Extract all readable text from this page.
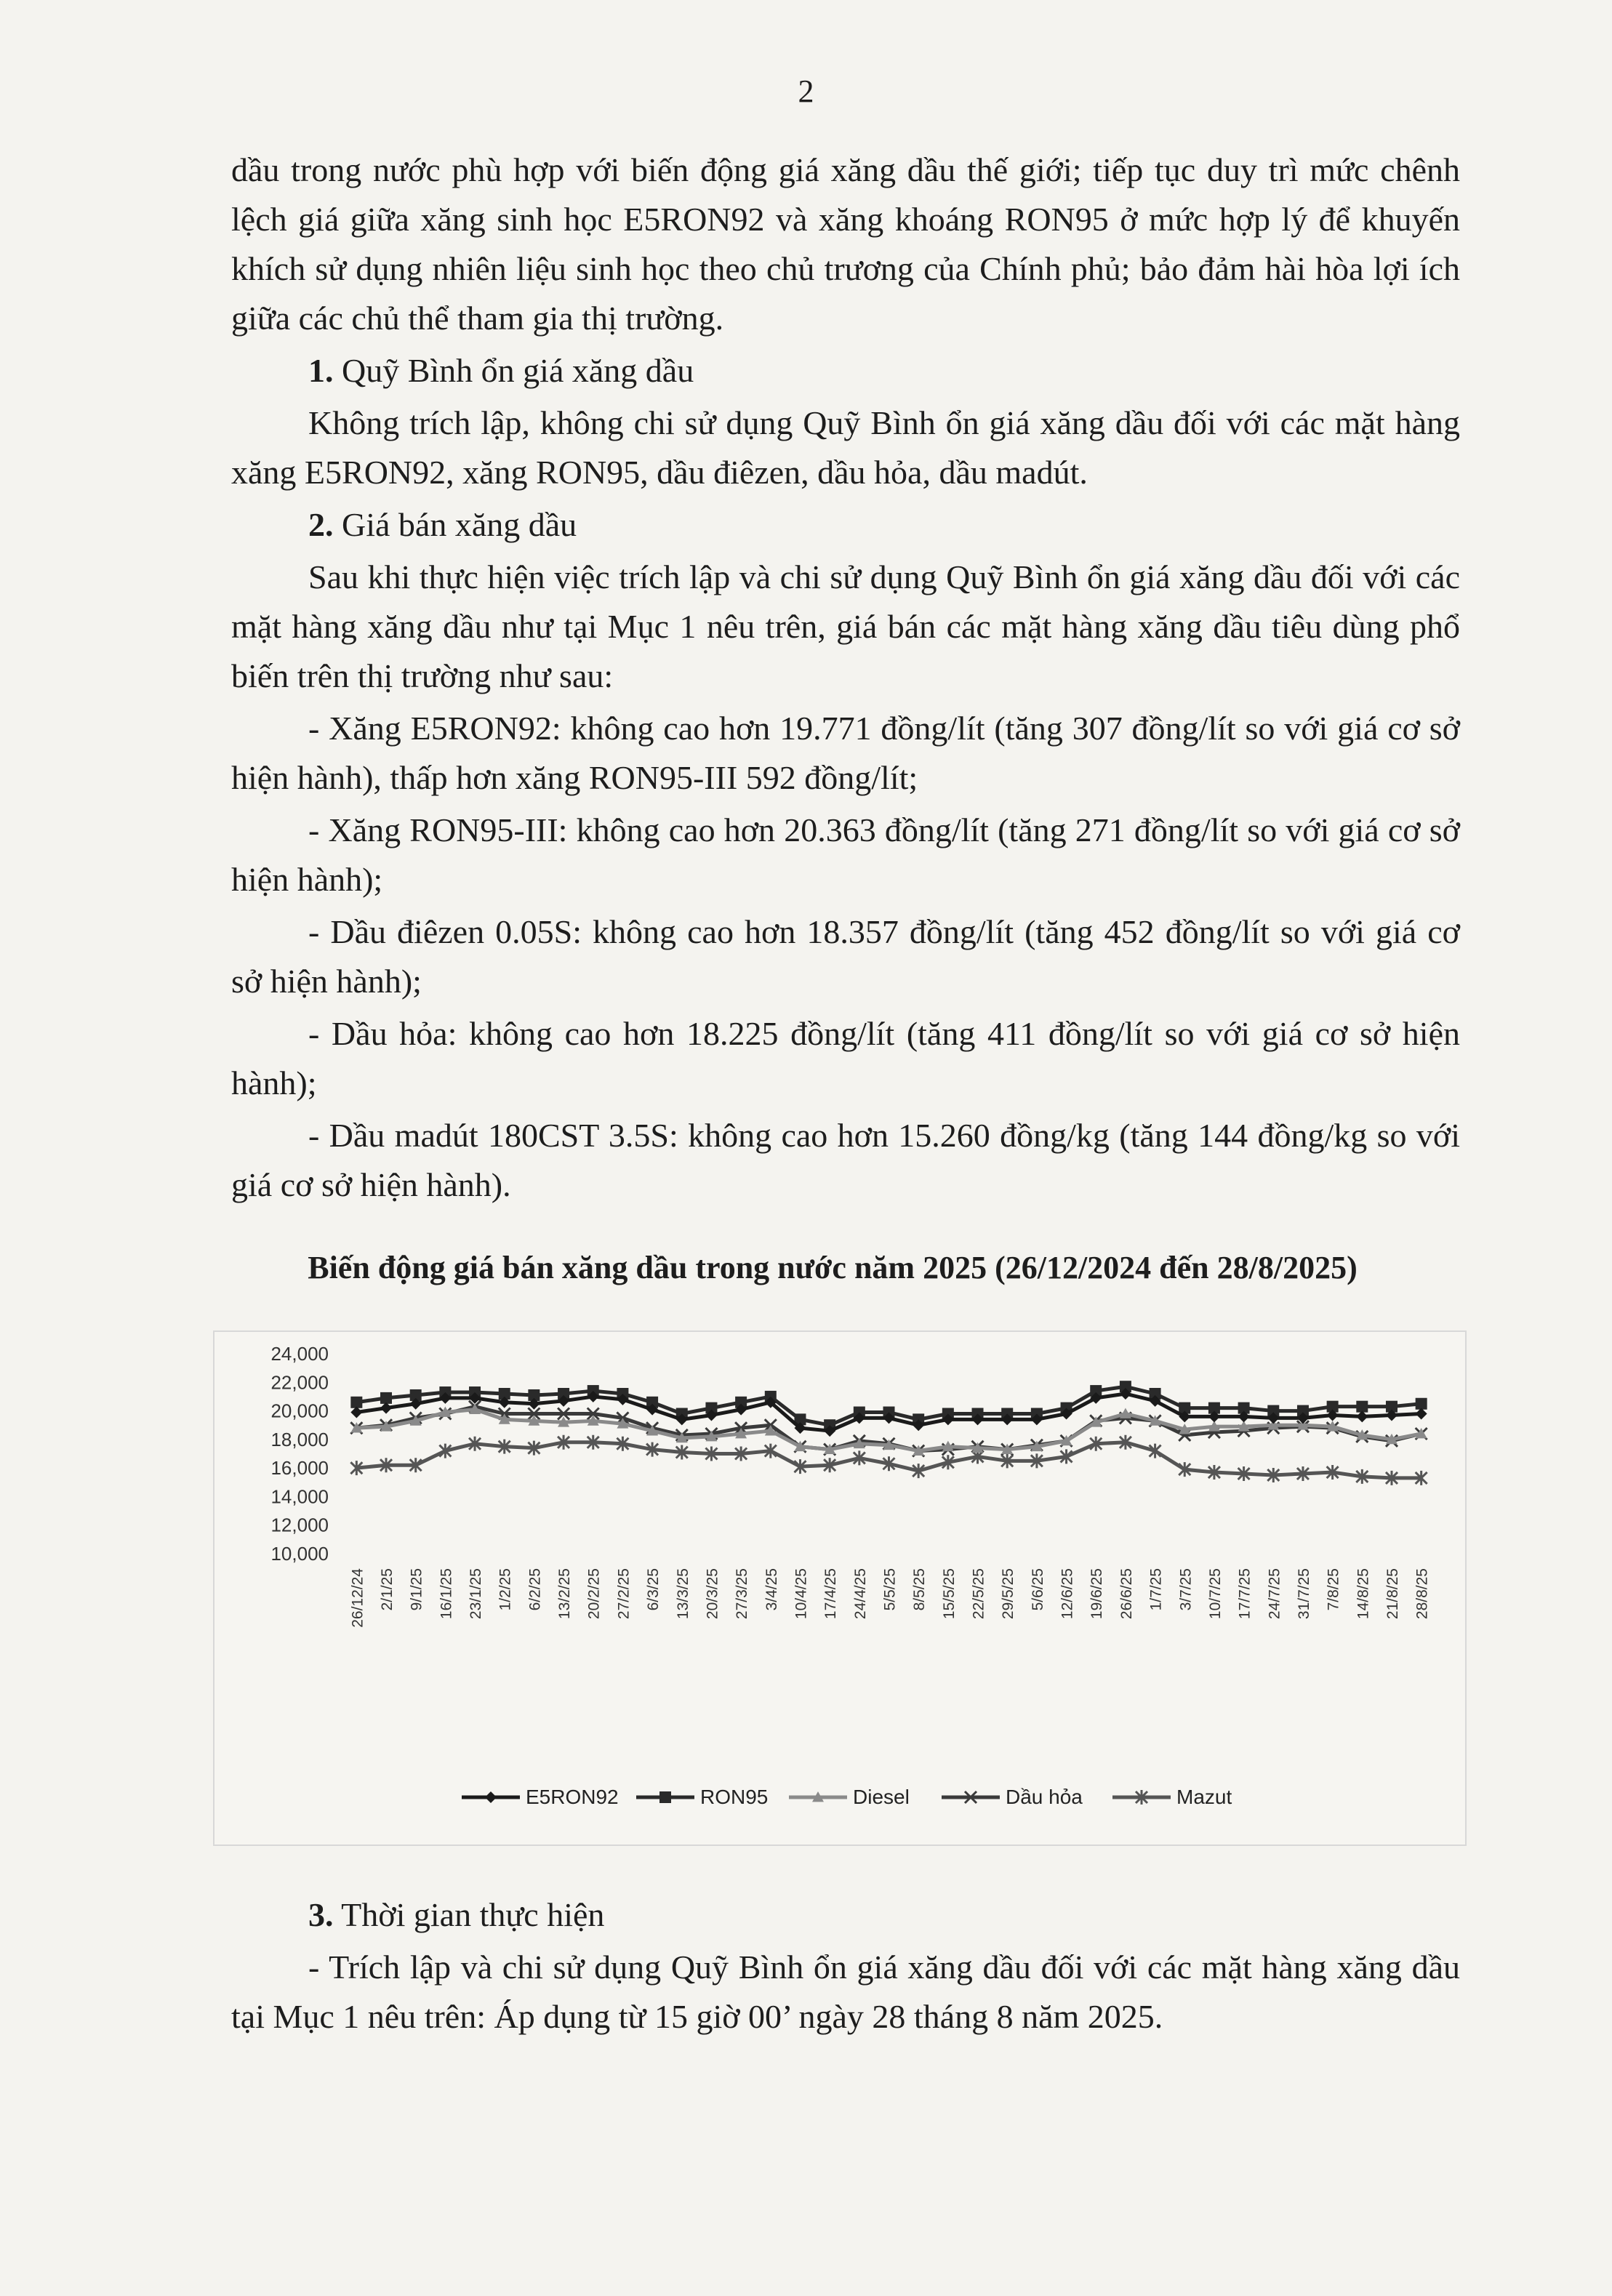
2

dầu trong nước phù hợp với biến động giá xăng dầu thế giới; tiếp tục duy trì mức chênh lệch giá giữa xăng sinh học E5RON92 và xăng khoáng RON95 ở mức hợp lý để khuyến khích sử dụng nhiên liệu sinh học theo chủ trương của Chính phủ; bảo đảm hài hòa lợi ích giữa các chủ thể tham gia thị trường.

1. Quỹ Bình ổn giá xăng dầu

Không trích lập, không chi sử dụng Quỹ Bình ổn giá xăng dầu đối với các mặt hàng xăng E5RON92, xăng RON95, dầu điêzen, dầu hỏa, dầu madút.

2. Giá bán xăng dầu

Sau khi thực hiện việc trích lập và chi sử dụng Quỹ Bình ổn giá xăng dầu đối với các mặt hàng xăng dầu như tại Mục 1 nêu trên, giá bán các mặt hàng xăng dầu tiêu dùng phổ biến trên thị trường như sau:

- Xăng E5RON92: không cao hơn 19.771 đồng/lít (tăng 307 đồng/lít so với giá cơ sở hiện hành), thấp hơn xăng RON95-III 592 đồng/lít;

- Xăng RON95-III: không cao hơn 20.363 đồng/lít (tăng 271 đồng/lít so với giá cơ sở hiện hành);

- Dầu điêzen 0.05S: không cao hơn 18.357 đồng/lít (tăng 452 đồng/lít so với giá cơ sở hiện hành);

- Dầu hỏa: không cao hơn 18.225 đồng/lít (tăng 411 đồng/lít so với giá cơ sở hiện hành);

- Dầu madút 180CST 3.5S: không cao hơn 15.260 đồng/kg (tăng 144 đồng/kg so với giá cơ sở hiện hành).

Biến động giá bán xăng dầu trong nước năm 2025 (26/12/2024 đến 28/8/2025)
24,000
22,000
20,000
18,000
16,000
14,000
12,000
10,000
26/12/24 2/1/25 9/1/25 16/1/25 23/1/25 1/2/25 6/2/25 13/2/25 20/2/25 27/2/25 6/3/25 13/3/25 20/3/25 27/3/25 3/4/25 10/4/25 17/4/25 24/4/25 5/5/25 8/5/25 15/5/25 22/5/25 29/5/25 5/6/25 12/6/25 19/6/25 26/6/25 1/7/25 3/7/25 10/7/25 17/7/25 24/7/25 31/7/25 7/8/25 14/8/25 21/8/25 28/8/25
E5RON92	RON95	Diesel	Dầu hỏa	Mazut

3. Thời gian thực hiện

- Trích lập và chi sử dụng Quỹ Bình ổn giá xăng dầu đối với các mặt hàng xăng dầu tại Mục 1 nêu trên: Áp dụng từ 15 giờ 00’ ngày 28 tháng 8 năm 2025.
